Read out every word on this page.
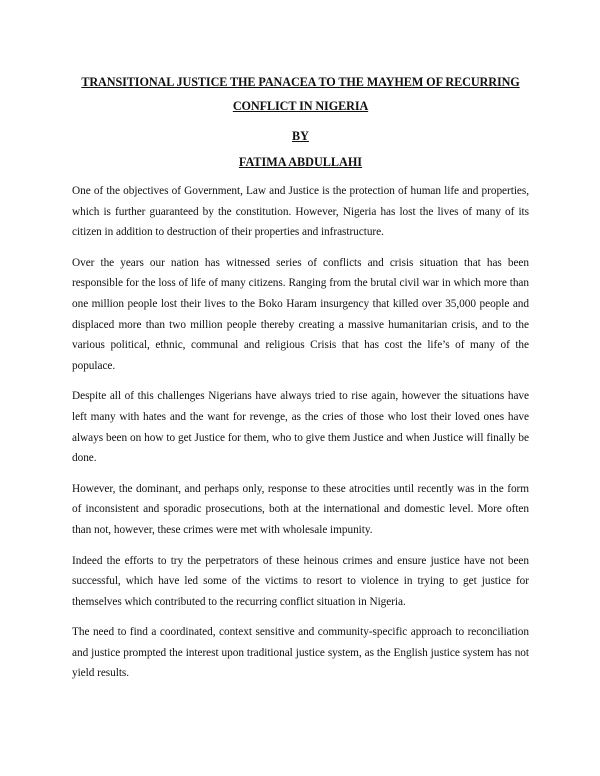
TRANSITIONAL JUSTICE THE PANACEA TO THE MAYHEM OF RECURRING CONFLICT IN NIGERIA
BY
FATIMA ABDULLAHI

One of the objectives of Government, Law and Justice is the protection of human life and properties, which is further guaranteed by the constitution. However, Nigeria has lost the lives of many of its citizen in addition to destruction of their properties and infrastructure.

Over the years our nation has witnessed series of conflicts and crisis situation that has been responsible for the loss of life of many citizens. Ranging from the brutal civil war in which more than one million people lost their lives to the Boko Haram insurgency that killed over 35,000 people and displaced more than two million people thereby creating a massive humanitarian crisis, and to the various political, ethnic, communal and religious Crisis that has cost the life’s of many of the populace.

Despite all of this challenges Nigerians have always tried to rise again, however the situations have left many with hates and the want for revenge, as the cries of those who lost their loved ones have always been on how to get Justice for them, who to give them Justice and when Justice will finally be done.

However, the dominant, and perhaps only, response to these atrocities until recently was in the form of inconsistent and sporadic prosecutions, both at the international and domestic level. More often than not, however, these crimes were met with wholesale impunity.

Indeed the efforts to try the perpetrators of these heinous crimes and ensure justice have not been successful, which have led some of the victims to resort to violence in trying to get justice for themselves which contributed to the recurring conflict situation in Nigeria.

The need to find a coordinated, context sensitive and community-specific approach to reconciliation and justice prompted the interest upon traditional justice system, as the English justice system has not yield results.
